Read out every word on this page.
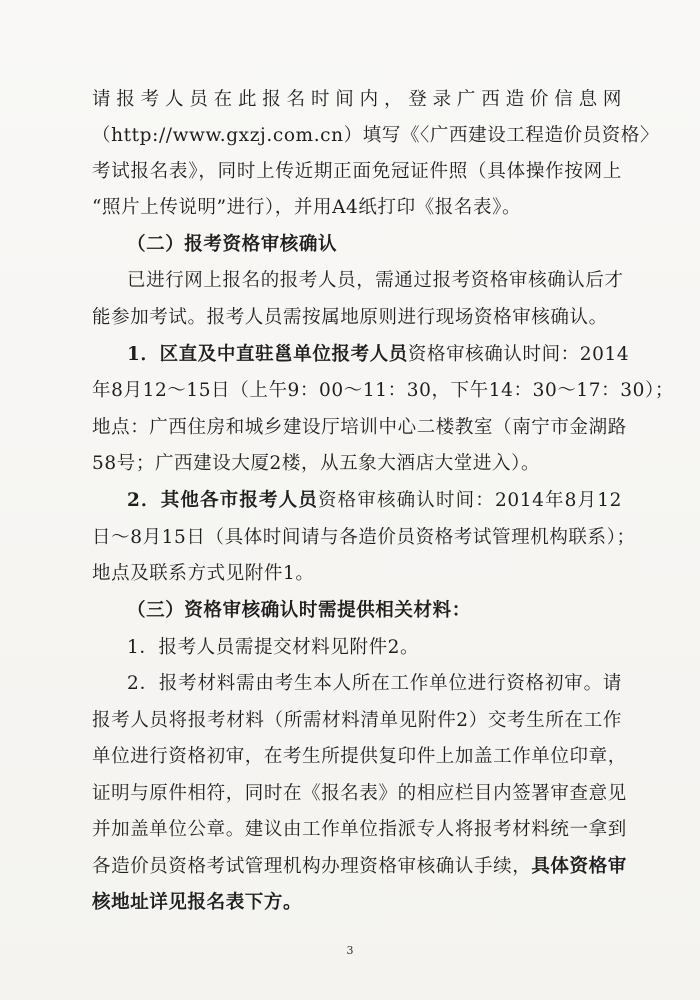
请报考人员在此报名时间内，登录广西造价信息网
（http://www.gxzj.com.cn）填写《〈广西建设工程造价员资格〉
考试报名表》，同时上传近期正面免冠证件照（具体操作按网上
“照片上传说明”进行），并用A4纸打印《报名表》。
（二）报考资格审核确认
已进行网上报名的报考人员，需通过报考资格审核确认后才
能参加考试。报考人员需按属地原则进行现场资格审核确认。
1．区直及中直驻邕单位报考人员资格审核确认时间：2014
年8月12～15日（上午9：00～11：30，下午14：30～17：30）；
地点：广西住房和城乡建设厅培训中心二楼教室（南宁市金湖路
58号；广西建设大厦2楼，从五象大酒店大堂进入）。
2．其他各市报考人员资格审核确认时间：2014年8月12
日～8月15日（具体时间请与各造价员资格考试管理机构联系）；
地点及联系方式见附件1。
（三）资格审核确认时需提供相关材料：
1．报考人员需提交材料见附件2。
2．报考材料需由考生本人所在工作单位进行资格初审。请
报考人员将报考材料（所需材料清单见附件2）交考生所在工作
单位进行资格初审，在考生所提供复印件上加盖工作单位印章，
证明与原件相符，同时在《报名表》的相应栏目内签署审查意见
并加盖单位公章。建议由工作单位指派专人将报考材料统一拿到
各造价员资格考试管理机构办理资格审核确认手续，具体资格审
核地址详见报名表下方。
3
